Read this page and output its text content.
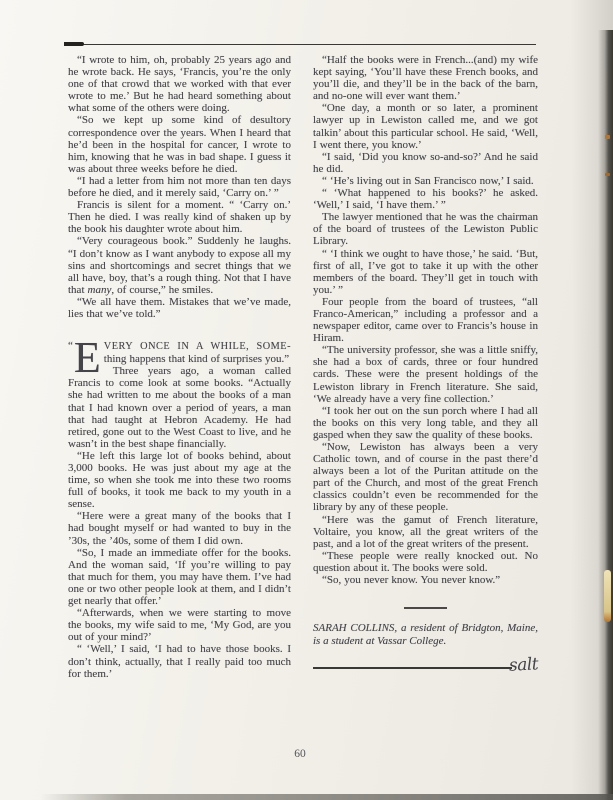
“I wrote to him, oh, probably 25 years ago and he wrote back. He says, ‘Francis, you’re the only one of that crowd that we worked with that ever wrote to me.’ But he had heard something about what some of the others were doing.

“So we kept up some kind of desultory correspondence over the years. When I heard that he’d been in the hospital for cancer, I wrote to him, knowing that he was in bad shape. I guess it was about three weeks before he died.

“I had a letter from him not more than ten days before he died, and it merely said, ‘Carry on.’ ”

Francis is silent for a moment. “ ‘Carry on.’ Then he died. I was really kind of shaken up by the book his daughter wrote about him.

“Very courageous book.” Suddenly he laughs. “I don’t know as I want anybody to expose all my sins and shortcomings and secret things that we all have, boy, that’s a rough thing. Not that I have that many, of course,” he smiles.

“We all have them. Mistakes that we’ve made, lies that we’ve told.”

“ E VERY ONCE IN A WHILE, SOME-thing happens that kind of surprises you.”

Three years ago, a woman called Francis to come look at some books. “Actually she had written to me about the books of a man that I had known over a period of years, a man that had taught at Hebron Academy. He had retired, gone out to the West Coast to live, and he wasn’t in the best shape financially.

“He left this large lot of books behind, about 3,000 books. He was just about my age at the time, so when she took me into these two rooms full of books, it took me back to my youth in a sense.

“Here were a great many of the books that I had bought myself or had wanted to buy in the ’30s, the ’40s, some of them I did own.

“So, I made an immediate offer for the books. And the woman said, ‘If you’re willing to pay that much for them, you may have them. I’ve had one or two other people look at them, and I didn’t get nearly that offer.’

“Afterwards, when we were starting to move the books, my wife said to me, ‘My God, are you out of your mind?’

“ ‘Well,’ I said, ‘I had to have those books. I don’t think, actually, that I really paid too much for them.’

“Half the books were in French...(and) my wife kept saying, ‘You’ll have these French books, and you’ll die, and they’ll be in the back of the barn, and no-one will ever want them.’

“One day, a month or so later, a prominent lawyer up in Lewiston called me, and we got talkin’ about this particular school. He said, ‘Well, I went there, you know.’

“I said, ‘Did you know so-and-so?’ And he said he did.

“ ‘He’s living out in San Francisco now,’ I said.

“ ‘What happened to his books?’ he asked. ‘Well,’ I said, ‘I have them.’ ”

The lawyer mentioned that he was the chairman of the board of trustees of the Lewiston Public Library.

“ ‘I think we ought to have those,’ he said. ‘But, first of all, I’ve got to take it up with the other members of the board. They’ll get in touch with you.’ ”

Four people from the board of trustees, “all Franco-American,” including a professor and a newspaper editor, came over to Francis’s house in Hiram.

“The university professor, she was a little sniffy, she had a box of cards, three or four hundred cards. These were the present holdings of the Lewiston library in French literature. She said, ‘We already have a very fine collection.’

“I took her out on the sun porch where I had all the books on this very long table, and they all gasped when they saw the quality of these books.

“Now, Lewiston has always been a very Catholic town, and of course in the past there’d always been a lot of the Puritan attitude on the part of the Church, and most of the great French classics couldn’t even be recommended for the library by any of these people.

“Here was the gamut of French literature, Voltaire, you know, all the great writers of the past, and a lot of the great writers of the present.

“These people were really knocked out. No question about it. The books were sold.

“So, you never know. You never know.”

SARAH COLLINS, a resident of Bridgton, Maine, is a student at Vassar College.

salt
60
